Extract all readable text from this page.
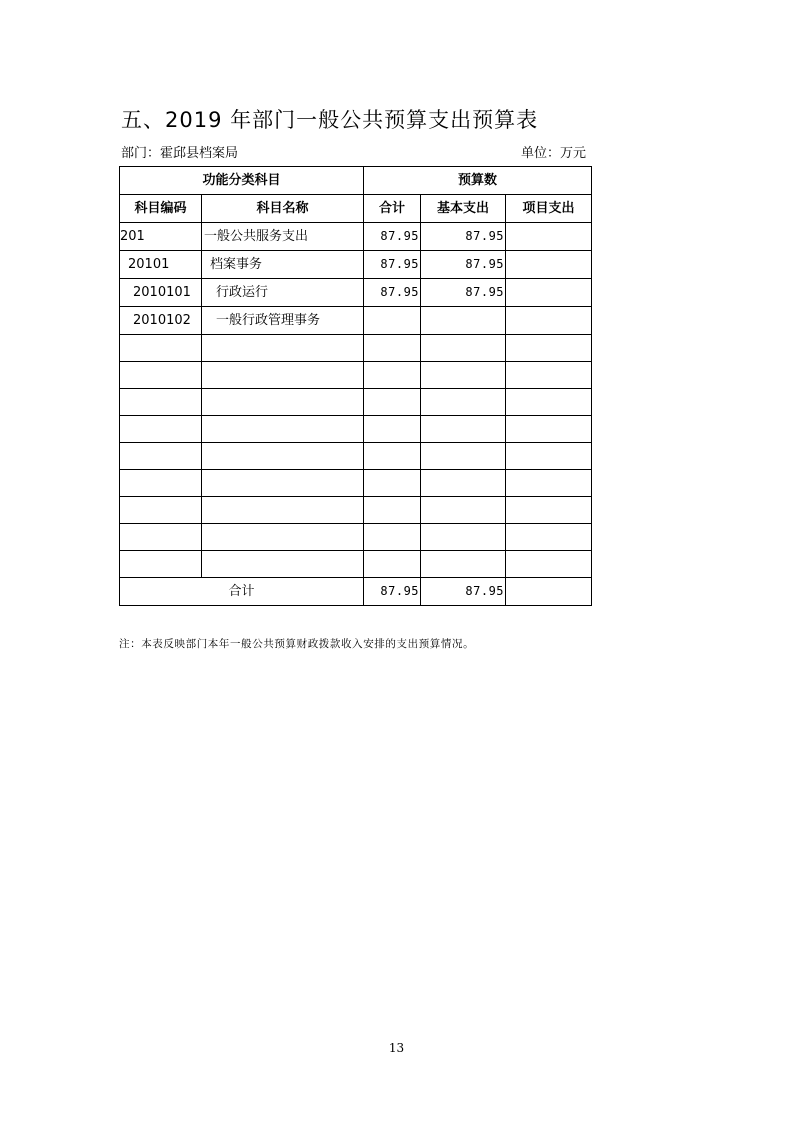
五、2019 年部门一般公共预算支出预算表
部门：霍邱县档案局	单位：万元
功能分类科目		预算数		
科目编码	科目名称	合计	基本支出	项目支出
201	一般公共服务支出	87.95	87.95	
20101	档案事务	87.95	87.95	
2010101	行政运行	87.95	87.95	
2010102	一般行政管理事务			

合计		87.95	87.95	
注：本表反映部门本年一般公共预算财政拨款收入安排的支出预算情况。
13
